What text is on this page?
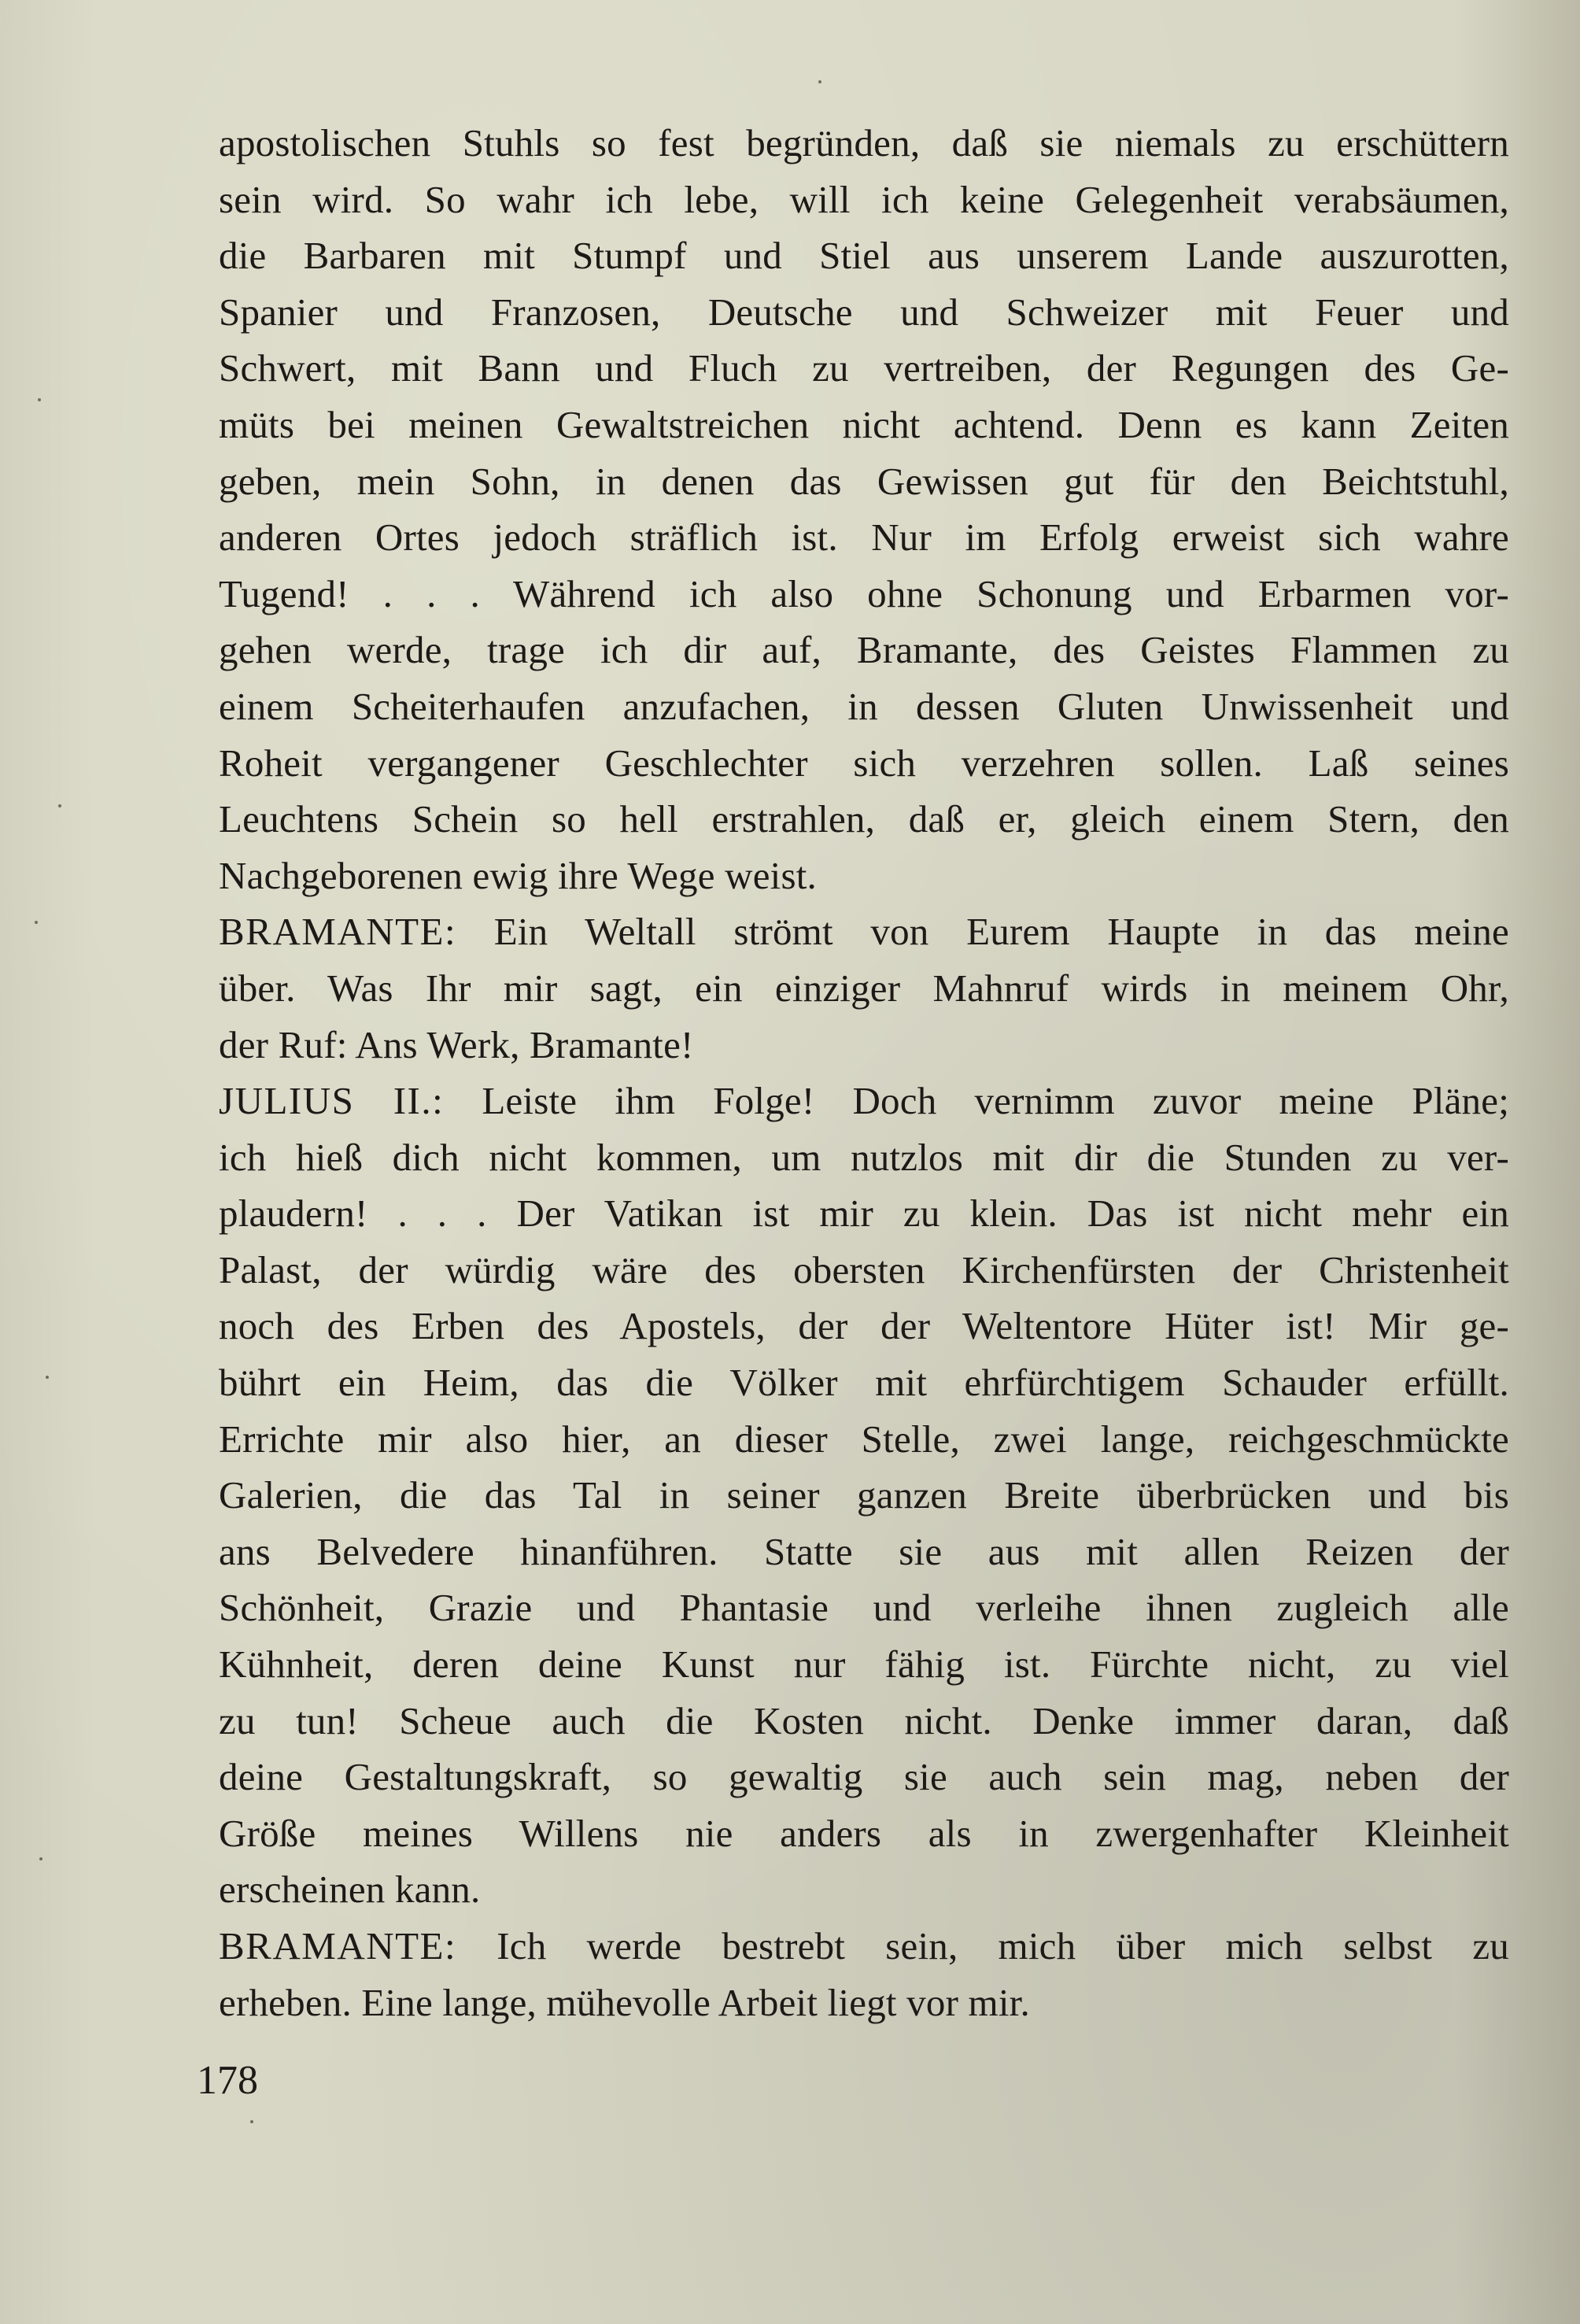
apostolischen Stuhls so fest begründen, daß sie niemals zu erschüttern
sein wird. So wahr ich lebe, will ich keine Gelegenheit verabsäumen,
die Barbaren mit Stumpf und Stiel aus unserem Lande auszurotten,
Spanier und Franzosen, Deutsche und Schweizer mit Feuer und
Schwert, mit Bann und Fluch zu vertreiben, der Regungen des Ge-
müts bei meinen Gewaltstreichen nicht achtend. Denn es kann Zeiten
geben, mein Sohn, in denen das Gewissen gut für den Beichtstuhl,
anderen Ortes jedoch sträflich ist. Nur im Erfolg erweist sich wahre
Tugend! . . . Während ich also ohne Schonung und Erbarmen vor-
gehen werde, trage ich dir auf, Bramante, des Geistes Flammen zu
einem Scheiterhaufen anzufachen, in dessen Gluten Unwissenheit und
Roheit vergangener Geschlechter sich verzehren sollen. Laß seines
Leuchtens Schein so hell erstrahlen, daß er, gleich einem Stern, den
Nachgeborenen ewig ihre Wege weist.
BRAMANTE: Ein Weltall strömt von Eurem Haupte in das meine
über. Was Ihr mir sagt, ein einziger Mahnruf wirds in meinem Ohr,
der Ruf: Ans Werk, Bramante!
JULIUS II.: Leiste ihm Folge! Doch vernimm zuvor meine Pläne;
ich hieß dich nicht kommen, um nutzlos mit dir die Stunden zu ver-
plaudern! . . . Der Vatikan ist mir zu klein. Das ist nicht mehr ein
Palast, der würdig wäre des obersten Kirchenfürsten der Christenheit
noch des Erben des Apostels, der der Weltentore Hüter ist! Mir ge-
bührt ein Heim, das die Völker mit ehrfürchtigem Schauder erfüllt.
Errichte mir also hier, an dieser Stelle, zwei lange, reichgeschmückte
Galerien, die das Tal in seiner ganzen Breite überbrücken und bis
ans Belvedere hinanführen. Statte sie aus mit allen Reizen der
Schönheit, Grazie und Phantasie und verleihe ihnen zugleich alle
Kühnheit, deren deine Kunst nur fähig ist. Fürchte nicht, zu viel
zu tun! Scheue auch die Kosten nicht. Denke immer daran, daß
deine Gestaltungskraft, so gewaltig sie auch sein mag, neben der
Größe meines Willens nie anders als in zwergenhafter Kleinheit
erscheinen kann.
BRAMANTE: Ich werde bestrebt sein, mich über mich selbst zu
erheben. Eine lange, mühevolle Arbeit liegt vor mir.
178
